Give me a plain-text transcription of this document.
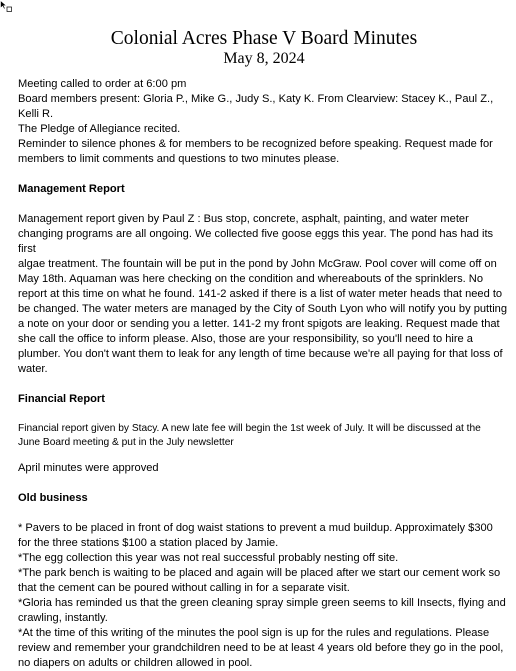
Colonial Acres Phase V Board Minutes

May 8, 2024

Meeting called to order at 6:00 pm

Board members present: Gloria P., Mike G., Judy S., Katy K. From Clearview: Stacey K., Paul Z.,

Kelli R.

The Pledge of Allegiance recited.

Reminder to silence phones & for members to be recognized before speaking. Request made for

members to limit comments and questions to two minutes please.

Management Report

Management report given by Paul Z : Bus stop, concrete, asphalt, painting, and water meter

changing programs are all ongoing. We collected five goose eggs this year. The pond has had its first

algae treatment. The fountain will be put in the pond by John McGraw. Pool cover will come off on

May 18th. Aquaman was here checking on the condition and whereabouts of the sprinklers. No

report at this time on what he found. 141-2 asked if there is a list of water meter heads that need to

be changed. The water meters are managed by the City of South Lyon who will notify you by putting

a note on your door or sending you a letter. 141-2 my front spigots are leaking. Request made that

she call the office to inform please. Also, those are your responsibility, so you'll need to hire a

plumber. You don't want them to leak for any length of time because we're all paying for that loss of

water.

Financial Report

Financial report given by Stacy. A new late fee will begin the 1st week of July. It will be discussed at the

June Board meeting & put in the July newsletter

April minutes were approved

Old business

* Pavers to be placed in front of dog waist stations to prevent a mud buildup. Approximately $300

for the three stations $100 a station placed by Jamie.

*The egg collection this year was not real successful probably nesting off site.

*The park bench is waiting to be placed and again will be placed after we start our cement work so

that the cement can be poured without calling in for a separate visit.

*Gloria has reminded us that the green cleaning spray simple green seems to kill Insects, flying and

crawling, instantly.

*At the time of this writing of the minutes the pool sign is up for the rules and regulations. Please

review and remember your grandchildren need to be at least 4 years old before they go in the pool,

no diapers on adults or children allowed in pool.
